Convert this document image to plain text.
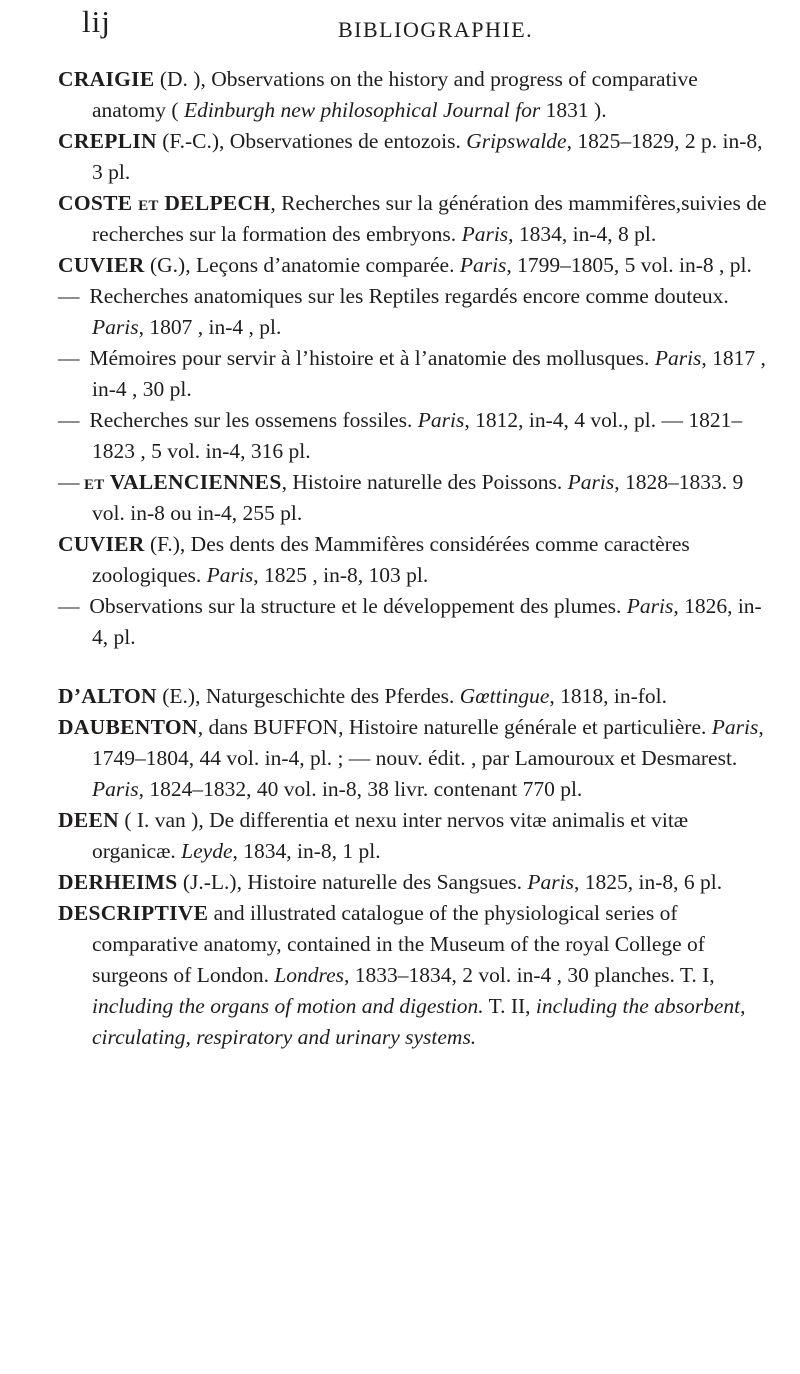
lij	BIBLIOGRAPHIE.

CRAIGIE (D. ), Observations on the history and progress of comparative anatomy ( Edinburgh new philosophical Journal for 1831 ).

CREPLIN (F.-C.), Observationes de entozois. Gripswalde, 1825–1829, 2 p. in-8, 3 pl.

COSTE et DELPECH, Recherches sur la génération des mammifères,suivies de recherches sur la formation des embryons. Paris, 1834, in-4, 8 pl.

CUVIER (G.), Leçons d’anatomie comparée. Paris, 1799–1805, 5 vol. in-8 , pl.

— Recherches anatomiques sur les Reptiles regardés encore comme douteux. Paris, 1807 , in-4 , pl.

— Mémoires pour servir à l’histoire et à l’anatomie des mollusques. Paris, 1817 , in-4 , 30 pl.

— Recherches sur les ossemens fossiles. Paris, 1812, in-4, 4 vol., pl. — 1821–1823 , 5 vol. in-4, 316 pl.

— et VALENCIENNES, Histoire naturelle des Poissons. Paris, 1828–1833. 9 vol. in-8 ou in-4, 255 pl.

CUVIER (F.), Des dents des Mammifères considérées comme caractères zoologiques. Paris, 1825 , in-8, 103 pl.

— Observations sur la structure et le développement des plumes. Paris, 1826, in-4, pl.

D’ALTON (E.), Naturgeschichte des Pferdes. Gœttingue, 1818, in-fol.

DAUBENTON, dans BUFFON, Histoire naturelle générale et particulière. Paris, 1749–1804, 44 vol. in-4, pl. ; — nouv. édit. , par Lamouroux et Desmarest. Paris, 1824–1832, 40 vol. in-8, 38 livr. contenant 770 pl.

DEEN ( I. van ), De differentia et nexu inter nervos vitæ animalis et vitæ organicæ. Leyde, 1834, in-8, 1 pl.

DERHEIMS (J.-L.), Histoire naturelle des Sangsues. Paris, 1825, in-8, 6 pl.

DESCRIPTIVE and illustrated catalogue of the physiological series of comparative anatomy, contained in the Museum of the royal College of surgeons of London. Londres, 1833–1834, 2 vol. in-4 , 30 planches. T. I, including the organs of motion and digestion. T. II, including the absorbent, circulating, respiratory and urinary systems.
